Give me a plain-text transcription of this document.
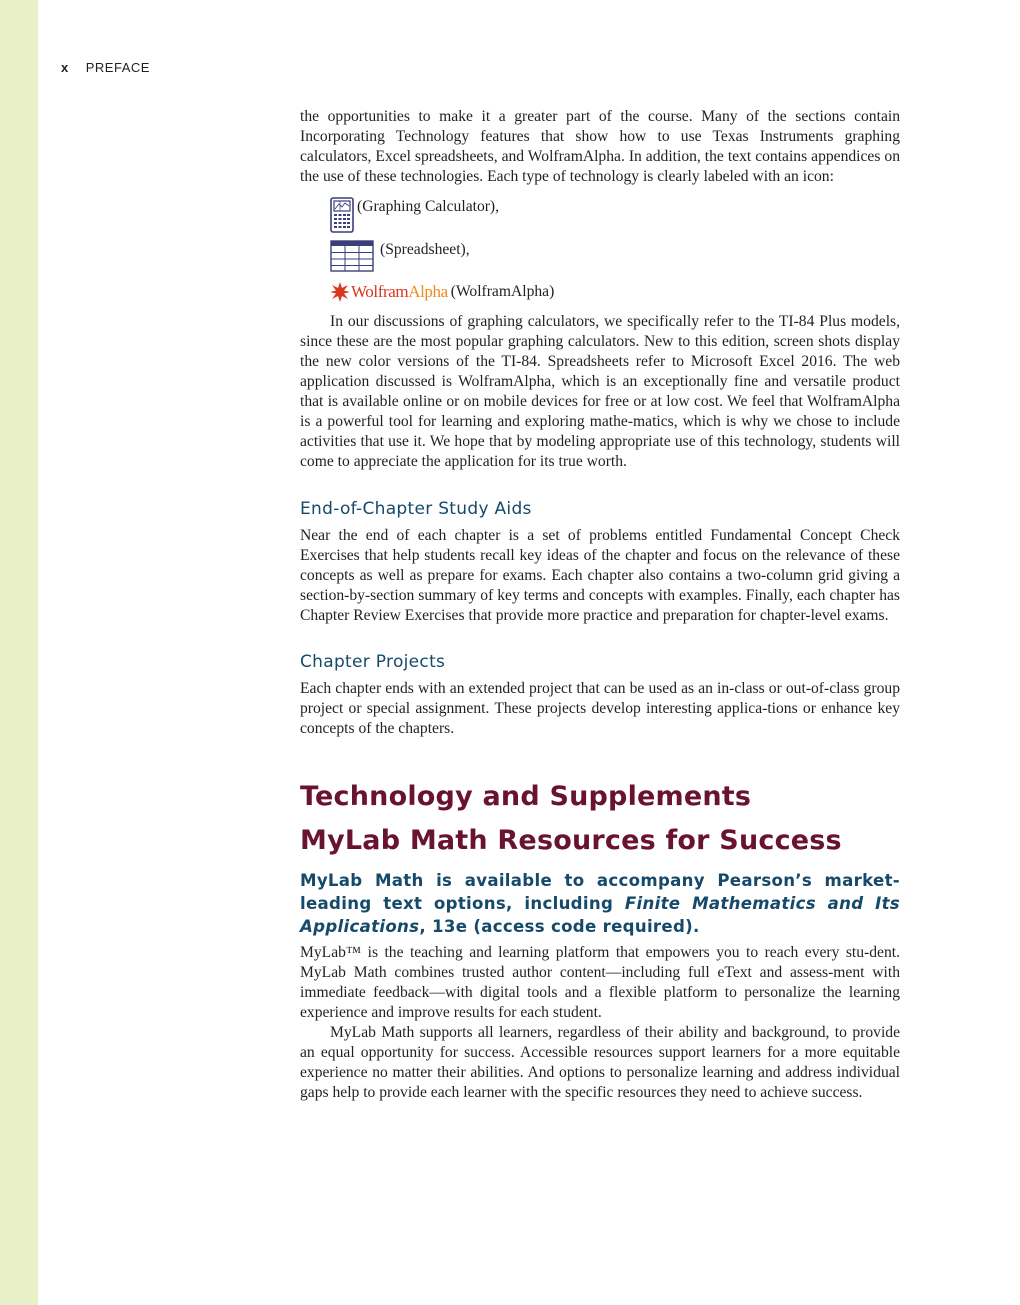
x PREFACE

the opportunities to make it a greater part of the course. Many of the sections contain Incorporating Technology features that show how to use Texas Instruments graphing calculators, Excel spreadsheets, and WolframAlpha. In addition, the text contains appendices on the use of these technologies. Each type of technology is clearly labeled with an icon:

(Graphing Calculator),
(Spreadsheet),
Wolfram Alpha (WolframAlpha)

In our discussions of graphing calculators, we specifically refer to the TI-84 Plus models, since these are the most popular graphing calculators. New to this edition, screen shots display the new color versions of the TI-84. Spreadsheets refer to Microsoft Excel 2016. The web application discussed is WolframAlpha, which is an exceptionally fine and versatile product that is available online or on mobile devices for free or at low cost. We feel that WolframAlpha is a powerful tool for learning and exploring mathe-matics, which is why we chose to include activities that use it. We hope that by modeling appropriate use of this technology, students will come to appreciate the application for its true worth.

End-of-Chapter Study Aids

Near the end of each chapter is a set of problems entitled Fundamental Concept Check Exercises that help students recall key ideas of the chapter and focus on the relevance of these concepts as well as prepare for exams. Each chapter also contains a two-column grid giving a section-by-section summary of key terms and concepts with examples. Finally, each chapter has Chapter Review Exercises that provide more practice and preparation for chapter-level exams.

Chapter Projects

Each chapter ends with an extended project that can be used as an in-class or out-of-class group project or special assignment. These projects develop interesting applica-tions or enhance key concepts of the chapters.

Technology and Supplements
MyLab Math Resources for Success
MyLab Math is available to accompany Pearson’s market-leading text options, including Finite Mathematics and Its Applications, 13e (access code required).

MyLab™ is the teaching and learning platform that empowers you to reach every stu-dent. MyLab Math combines trusted author content—including full eText and assess-ment with immediate feedback—with digital tools and a flexible platform to personalize the learning experience and improve results for each student.

MyLab Math supports all learners, regardless of their ability and background, to provide an equal opportunity for success. Accessible resources support learners for a more equitable experience no matter their abilities. And options to personalize learning and address individual gaps help to provide each learner with the specific resources they need to achieve success.
